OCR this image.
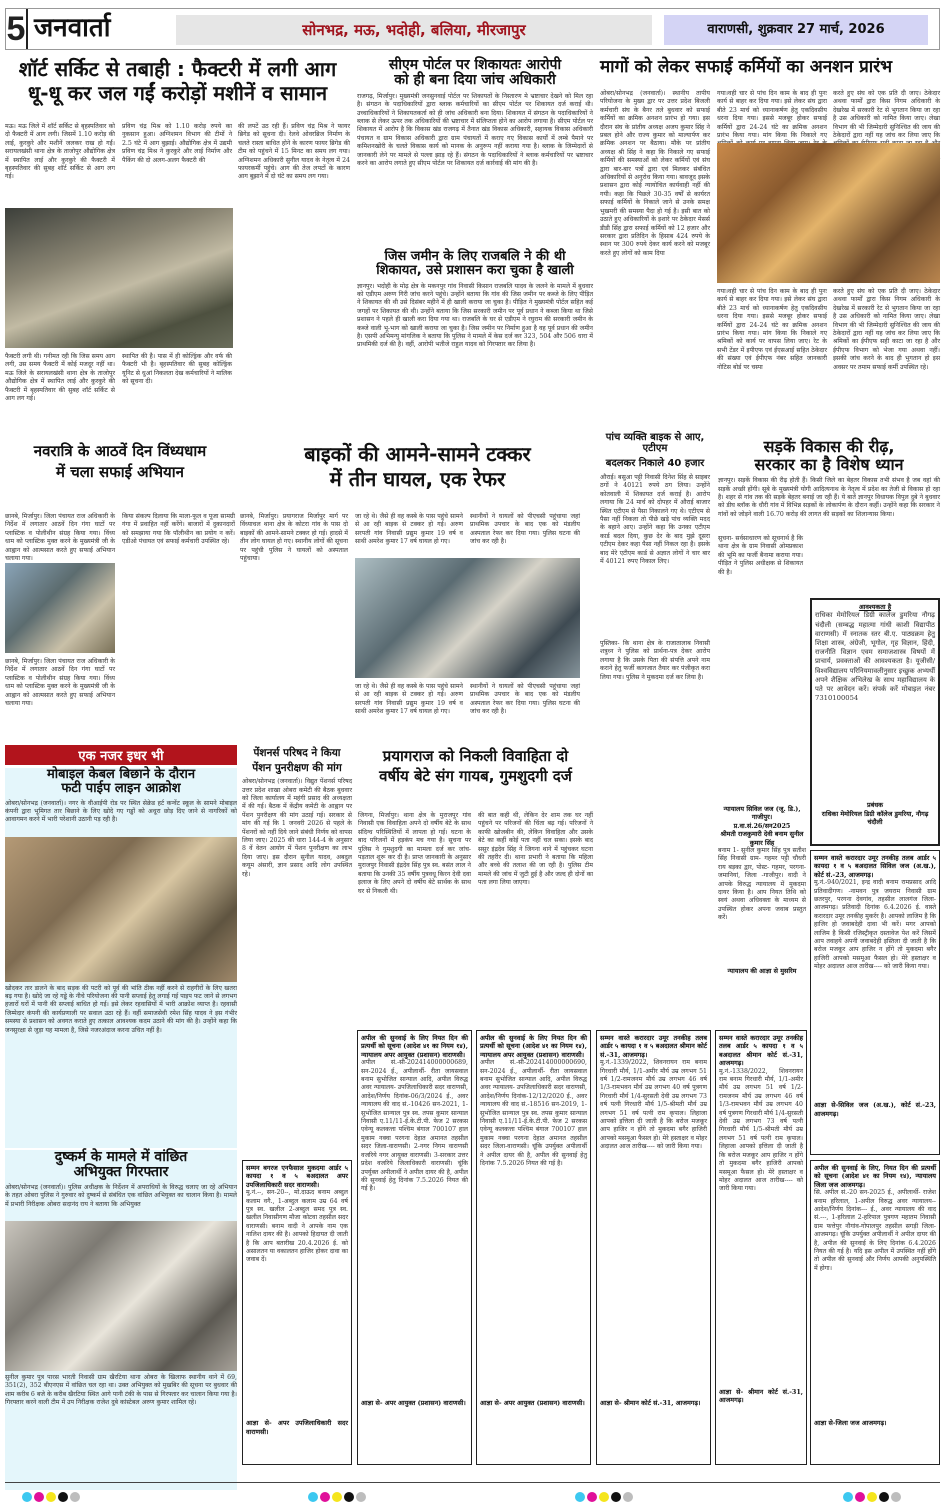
5 जनवार्ता	सोनभद्र, मऊ, भदोही, बलिया, मीरजापुर	वाराणसी, शुक्रवार 27 मार्च, 2026
शॉर्ट सर्किट से तबाही : फैक्टरी में लगी आग
धू-धू कर जल गईं करोड़ों मशीनें व सामान
मऊ। मऊ जिले में शॉर्ट सर्किट से बृहस्पतिवार को दो फैक्टरी में आग लगी। जिसमें 1.10 करोड़ की लाई, कुरकुरे और मशीनें जलकर राख हो गईं। सरायलखंसी थाना क्षेत्र के ताजोपुर औद्योगिक क्षेत्र में स्थापित लाई और कुरकुरे की फैक्टरी में बृहस्पतिवार की सुबह शॉर्ट सर्किट से आग लग गई।
प्रविण चंद्र मिश्र को 1.10 करोड़ रुपये का नुकसान हुआ। अग्निशमन विभाग की टीमों ने 2.5 घंटे में आग बुझाई। औद्योगिक क्षेत्र में उद्यमी प्रविण चंद्र मिश्र ने कुरकुरे और लाई निर्माण और पैकिंग की दो अलग-अलग फैक्टरी की
की लपटें उठ रही हैं। प्रविण चंद्र मिश्र ने फायर ब्रिगेड को सूचना दी। रेलवे ओवरब्रिज निर्माण के चलते रास्ता बाधित होने के कारण फायर ब्रिगेड की टीम को पहुंचने में 15 मिनट का समय लग गया। अग्निशमन अधिकारी सुनील यादव के नेतृत्व में 24 फायरकर्मी पहुंचे। आग की तेज लपटों के कारण आग बुझाने में दो घंटे का समय लग गया।
फैक्टरी लगी थी। गनीमत रही कि जिस समय आग लगी, उस समय फैक्टरी में कोई मजदूर नहीं था। मऊ जिले के सरायलखंसी थाना क्षेत्र के ताजोपुर औद्योगिक क्षेत्र में स्थापित लाई और कुरकुरे की फैक्टरी में बृहस्पतिवार की सुबह शॉर्ट सर्किट से आग लग गई।
स्थापित की है। पास में ही कोल्ड्रिंक और वर्फ की फैक्टरी भी है। बृहस्पतिवार की सुबह कोल्ड्रिंक यूनिट से धुआं निकलता देख कर्मचारियों ने मालिक को सूचना दी।
सीएम पोर्टल पर शिकायतः आरोपी
को ही बना दिया जांच अधिकारी
राजगढ़, मिर्जापुर। मुख्यमंत्री जनसुनवाई पोर्टल पर शिकायतों के निस्तारण मे भ्रष्टाचार देखने को मिल रहा है। संगठन के पदाधिकारियों द्वारा ब्लाक कर्मचारियों का सीएम पोर्टल पर शिकायत दर्ज कराई थी। उच्चाधिकारियों ने शिकायतकर्ता को ही जांच अधिकारी बना दिया। शिकायत में संगठन के पदाधिकारियों ने ब्लाक से लेकर ऊपर तक अधिकारियों की भ्रष्टाचार में संलिप्तता होने का आरोप लगाया है। सीएम पोर्टल पर शिकायत में आरोप है कि विकास खंड राजगढ़ में तैनात खंड विकास अधिकारी, सहायक विकास अधिकारी पंचायत व ग्राम विकास अधिकारी द्वारा ग्राम पंचायतों में कराए गए विकास कार्यों में लम्बे पैमाने पर कमिशनखोरी के चलते विकास कार्य को मानक के अनुरूप नहीं कराया गया है। ब्लाक के जिम्मेदारों से जानकारी लेने पर मामले से पल्ला झाड़ रहे हैं। संगठन के पदाधिकारियों ने ब्लाक कर्मचारियों पर भ्रष्टाचार करने का आरोप लगाते हुए सीएम पोर्टल पर शिकायत दर्ज कार्रवाई की मांग की है।
जिस जमीन के लिए राजबलि ने की थी
शिकायत, उसे प्रशासन करा चुका है खाली
ज्ञानपुर। भदोही के मोढ़ क्षेत्र के मकनपुर गांव निवासी किसान राजबलि यादव के जलने के मामले में बुधवार को एडीएम अरुण गिरी जांच करने पहुंचे। उन्होंने बताया कि गांव की जिस जमीन पर कब्जे के लिए पीड़ित ने शिकायत की थी उसे दिसंबर महीने में ही खाली कराया जा चुका है। पीड़ित ने मुख्यमंत्री पोर्टल सहित कई जगहों पर शिकायत की थी। उन्होंने बताया कि जिस सरकारी जमीन पर पूर्व प्रधान ने कब्जा किया था जिसे प्रशासन ने पहले ही खाली करा दिया गया था। राजबलि के घर से एडीएम ने रघुराम की सरकारी जमीन के कब्जे वाली भू-भाग को खाली कराया जा चुका है। जिस जमीन पर निर्माण हुआ है वह पूर्व प्रधान की जमीन है। एसपी अभिमन्यु मांगलिक ने बताया कि पुलिस ने मामले में केस दर्ज कर 323, 504 और 506 धारा में प्राथमिकी दर्ज की है। वहीं, आरोपी भतीजे राहुल यादव को गिरफ्तार कर लिया है।
मागों को लेकर सफाई कर्मियों का अनशन प्रारंभ
ओबरा/सोनभद्र (जनवार्ता)। स्थानीय तापीय परियोजना के मुख्य द्वार पर उत्तर प्रदेश बिजली कर्मचारी संघ के बैनर तले बुधवार को सफाई कर्मियों का क्रमिक अनशन प्रारंभ हो गया। इस दौरान संघ के प्रांतीय अध्यक्ष अजय कुमार सिंह ने प्रबल होने और राज्य कुमार को माल्यार्पण कर क्रमिक अनशन पर बैठाया। मौके पर प्रांतीय अध्यक्ष श्री सिंह ने कहा कि निकाले गए सफाई कर्मियों की समस्याओं को लेकर कर्मियों एवं संघ द्वारा बार-बार पत्रों द्वारा एवं मिलकर संबंधित अधिकारियों से अनुरोध किया गया। बावजूद इसके प्रशासन द्वारा कोई न्यायोचित कार्यवाही नहीं की गयी। कहा कि पिछले 30-35 वर्षों से कार्यरत सफाई कर्मियों के निकाले जाने से उनके समक्ष भुखमरी की समस्या पैदा हो गई है। इसी बात को उठाते हुए अधिकारियों के इशारे पर ठेकेदार मेसर्स डीडी सिंह द्वारा सफाई कर्मियों को 12 हजार और सरकार द्वारा प्रतिदिन के हिसाब 424 रुपये के स्थान पर 300 रुपये देकर कार्य करने को मजबूर करते हुए लोगों को काम दिया
गया।वही चार से पांच दिन काम के बाद ही पुनः कार्य से बाहर कर दिया गया। इसे लेकर संघ द्वारा बीते 23 मार्च को ध्यानाकर्षण हेतु एकदिवसीय धरना दिया गया। इससे मजबूर होकर सफाई कर्मियों द्वारा 24-24 घंटे का क्रमिक अनशन प्रारंभ किया गया। मांग किया कि निकाले गए
करते हुए संघ को एक प्रति दी जाए। ठेकेदार अथवा फार्मों द्वारा किस निगम अधिकारी के देखरेख में सरकारी रेट से भुगतान किया जा रहा है उस अधिकारी को नामित किया जाए। लेखा विभाग की भी जिम्मेदारी सुनिश्चित की जाय की ठेकेदारों द्वारा नहीं यह जांच कर लिया जाए कि
गया।वही चार से पांच दिन काम के बाद ही पुनः कार्य से बाहर कर दिया गया। इसे लेकर संघ द्वारा बीते 23 मार्च को ध्यानाकर्षण हेतु एकदिवसीय धरना दिया गया। इससे मजबूर होकर सफाई कर्मियों द्वारा 24-24 घंटे का क्रमिक अनशन प्रारंभ किया गया। मांग किया कि निकाले गए श्रमिकों को कार्य पर वापस लिया जाए। रेट के सभी टेंडर में इपीएफ एवं ईएसआई सहित ठेकेदार की संख्या एवं ईपीएफ नंबर सहित जानकारी नोटिस बोर्ड पर चस्पा
करते हुए संघ को एक प्रति दी जाए। ठेकेदार अथवा फार्मों द्वारा किस निगम अधिकारी के देखरेख में सरकारी रेट से भुगतान किया जा रहा है उस अधिकारी को नामित किया जाए। लेखा विभाग की भी जिम्मेदारी सुनिश्चित की जाय की ठेकेदारों द्वारा नहीं यह जांच कर लिया जाए कि श्रमिकों का ईपीएफ सही काटा जा रहा है और ईपीएफ विभाग को भेजा गया अथवा नहीं। इसकी जांच करने के बाद ही भुगतान हो इस अवसर पर तमाम सफाई कर्मी उपस्थित रहे।
नवरात्रि के आठवें दिन विंध्यधाम
में चला सफाई अभियान
छानबे, मिर्जापुर। जिला पंचायत राज अधिकारी के निर्देश में लगातार आठवें दिन गंगा घाटों पर प्लास्टिक व पोलीथीन संग्रह किया गया। विंध्य धाम को प्लास्टिक मुक्त करने के मुख्यमंत्री जी के आह्वान को आत्मसात करते हुए सफाई अभियान चलाया गया।
किया संकल्प दिलाया कि माला-फूल व पूजा सामग्री गंगा में प्रवाहित नहीं करेंगे। बाजारों में दुकानदारों को समझाया गया कि पॉलीथीन का प्रयोग न करें। एडीओ पंचायत एवं सफाई कर्मचारी उपस्थित रहे।
छानबे, मिर्जापुर। जिला पंचायत राज अधिकारी के निर्देश में लगातार आठवें दिन गंगा घाटों पर प्लास्टिक व पोलीथीन संग्रह किया गया। विंध्य धाम को प्लास्टिक मुक्त करने के मुख्यमंत्री जी के आह्वान को आत्मसात करते हुए सफाई अभियान चलाया गया।
बाइकों की आमने-सामने टक्कर
में तीन घायल, एक रेफर
छानबे, मिर्जापुर। प्रयागराज मिर्जापुर मार्ग पर विंध्याचल थाना क्षेत्र के कोटरा गांव के पास दो बाइकों की आमने-सामने टक्कर हो गई। हादसे में तीन लोग घायल हो गए। स्थानीय लोगों की सूचना पर पहुंची पुलिस ने घायलों को अस्पताल पहुंचाया।
जा रहे थे। जैसे ही वह कस्बे के पास पहुंचे सामने से आ रही बाइक से टक्कर हो गई। अरुण सरपती गांव निवासी प्रद्युम कुमार 19 वर्ष व साथी अमरेश कुमार 17 वर्ष घायल हो गए।
स्थानीयों ने घायलों को पीएचसी पहुंचाया जहां प्राथमिक उपचार के बाद एक को मंडलीय अस्पताल रेफर कर दिया गया। पुलिस घटना की जांच कर रही है।
जा रहे थे। जैसे ही वह कस्बे के पास पहुंचे सामने से आ रही बाइक से टक्कर हो गई। अरुण सरपती गांव निवासी प्रद्युम कुमार 19 वर्ष व साथी अमरेश कुमार 17 वर्ष घायल हो गए।
स्थानीयों ने घायलों को पीएचसी पहुंचाया जहां प्राथमिक उपचार के बाद एक को मंडलीय अस्पताल रेफर कर दिया गया। पुलिस घटना की जांच कर रही है।
पांच व्यक्ति बाइक से आए, एटीएम
बदलकर निकाले 40 हजार
औराई। बसुआ पट्टी निवासी दिनेश सिंह से साइबर ठगों ने 40121 रुपये ठग लिया। उन्होंने कोतवाली में शिकायत दर्ज कराई है। आरोप लगाया कि 24 मार्च को दोपहर में औराई बाजार स्थित एटीएम से पैसा निकालने गए थे। एटीएम से पैसा नहीं निकला तो पीछे खड़े पांच व्यक्ति मदद के बहाने आए। उन्होंने कहा कि उनका एटीएम कार्ड बदल दिया, कुछ देर के बाद मुझे दूसरा एटीएम देकर कहा पैसा नहीं निकल रहा है। इसके बाद मेरे एटीएम कार्ड से अज्ञात लोगों ने चार बार में 40121 रुपए निकाल लिए।
सड़कें विकास की रीढ़,
सरकार का है विशेष ध्यान
ज्ञानपुर। सड़कें विकास की रीढ़ होती हैं। किसी जिले का बेहतर विकास तभी संभव है जब वहां की सड़कें अच्छी होंगी। सूबे के मुख्यमंत्री योगी आदित्यनाथ के नेतृत्व में प्रदेश का तेजी से विकास हो रहा है। शहर से गांव तक की सड़कें बेहतर बनाई जा रही हैं। ये बातें ज्ञानपुर विधायक विपुल दुबे ने बुधवार को डीघ ब्लॉक के धौरी गांव में विभिन्न सड़कों के लोकार्पण के दौरान कहीं। उन्होंने कहा कि सरकार ने गांवों को जोड़ने वाली 16.70 करोड़ की लागत की सड़कों का शिलान्यास किया।
सुचना- सर्वसाधारण को सूचनार्थ है कि थाना क्षेत्र के ग्राम निवासी ओमप्रकाश की भूमि का फर्जी बैनामा कराया गया। पीड़ित ने पुलिस अधीक्षक से शिकायत की है।
पुस्तिका- कि थाना क्षेत्र के राजातालाब निवासी शत्रुध्न ने पुलिस को प्रार्थना-पत्र देकर आरोप लगाया है कि उसके पिता की संपत्ति अपने नाम कराने हेतु फर्जी कागजात तैयार कर पंजीकृत करा लिया गया। पुलिस ने मुकदमा दर्ज कर लिया है।
न्यायालय सिविल जज (जू. डि.), गाजीपुर।
प्र.वा.सं.26/सन2025
श्रीमती राजकुमारी देवी बनाम सुनील कुमार सिंह
बनाम 1- सुनील कुमार सिंह पुत्र सतीश सिंह निवासी ग्राम- गहमर पट्टी चौधरी राय बड़का द्वार, पोस्ट- गहमर, परगना- जमानियां, जिला -गाजीपुर। वादी ने आपके विरुद्ध न्यायालय में मुकदमा दायर किया है। आप नियत तिथि को स्वयं अथवा अधिवक्ता के माध्यम से उपस्थित होकर अपना जवाब प्रस्तुत करें।
न्यायालय की आज्ञा से मुसरिम
आवश्यकता है
राधिका मेमोरियल डिग्री कालेज डुमरिया नौगढ़ चंदौली (सम्बद्ध महात्मा गांधी काशी विद्यापीठ वाराणसी) में स्नातक स्तर बी.ए. पाठ्यक्रम हेतु शिक्षा शास्त्र, अंग्रेजी, भूगोल, गृह विज्ञान, हिंदी, राजनीति विज्ञान एवम समाजशास्त्र विषयों में प्राचार्य, प्रवक्ताओं की आवश्यकता है। यूजीसी/विश्वविद्यालय परिनियमावलीनुसार इच्छुक अभ्यर्थी अपने शैक्षिक अभिलेख के साथ महाविद्यालय के पते पर आवेदन करें। संपर्क करें मोबाइल नंबर 7310100054
प्रबंधक
राधिका मेमोरियल डिग्री कॉलेज डुमरिया, नौगढ़ चंदौली
सम्मन वास्ते करारदार उमूर तनकीह तलब आर्डर ५ कायदा १ व ५ बअदालत सिविल जज (अ.ख.), कोर्ट सं.-23, आजमगढ़।
मु.नं.-940/2021, इन्द्र वादी बनाम रामप्रसाद आदि प्रतिवादीगण। -नामवन पुत्र जयराम निवासी ग्राम छतरपुर, परगना देवगांव, तहसील लालगंज जिला-आजमगढ़। प्रतिवादी दिनांक 6.4.2026 ई. वास्ते करारदार उमूर तनकीह मुकर्रर है। आपको लाजिम है कि हाजिर हो जवाबदेही दावा भी करें। मगर आपको लाजिम है किसी रजिस्ट्रीकृत दस्तावेज पेश करें जिसमें आप तवाहये अपनी जवाबदेही इस्तिला दी जाती है कि बरोज मजकूर आप हाजिर न होंगे तो मुकदमा बगैर हाजिरी आपको मसमूआ फैसल हो। मेरे हस्ताक्षर व मोहर अदालत आज तारीख---- को जारी किया गया।
आज्ञा से-सिविल जज (अ.ख.), कोर्ट सं.-23, आजमगढ़।
एक नजर इधर भी
मोबाइल केबल बिछाने के दौरान
फटी पाईप लाइन आक्रोश
ओबरा/सोनभद्र (जनवार्ता)। नगर के वीआईपी रोड पर स्थित सेक्रेड हर्ट कन्वेंट स्कूल के सामने मोबाइल कंपनी द्वारा भूमिगत तार बिछाने के लिए खोदे गए गड्ढों को अधूरा छोड़ दिए जाने से नागरिकों को आवागमन करने में भारी परेशानी उठानी पड़ रही है।
खोदकर तार डालने के बाद सड़क की पटरी को पूर्व की भांति ठीक नहीं करने से राहगीरों के लिए खतरा बढ़ गया है। खोदे जा रहे गड्ढे के नीचे परियोजना की पानी सप्लाई हेतु लगाई गई पाइप फट जाने से लगभग हजारों घरों में पानी की सप्लाई बाधित हो गई। इसे लेकर रहवासियों में भारी आक्रोश व्याप्त है। रहवासी जिम्मेदार कंपनी की कार्यप्रणाली पर सवाल उठा रहे हैं। वहीं समाजसेवी रमेश सिंह यादव ने इस गंभीर समस्या से प्रशासन को अवगत कराते हुए तत्काल आवश्यक कदम उठाने की मांग की है। उन्होंने कहा कि जनसुरक्षा से जुड़ा यह मामला है, जिसे नजरअंदाज करना उचित नहीं है।
दुष्कर्म के मामले में वांछित
अभियुक्त गिरफ्तार
ओबरा/सोनभद्र (जनवार्ता)। पुलिस अधीक्षक के निर्देशन में अपराधियों के विरुद्ध चलाए जा रहे अभियान के तहत ओबरा पुलिस ने गुरुवार को दुष्कर्म से संबंधित एक वांछित अभियुक्त का चालान किया है। मामले में प्रभारी निरीक्षक ओबरा सदानंद राय ने बताया कि अभियुक्त
सुनील कुमार पुत्र पारस भारती निवासी ग्राम खैरटिया थाना ओबरा के खिलाफ स्थानीय थाने में 69, 351(2), 352 बीएनएस में वांछित चल रहा था। उक्त अभियुक्त को मुखबिर की सूचना पर बुधवार की शाम करीब 6 बजे के करीब खैरटिया स्थित आगे पानी टंकी के पास से गिरफ्तार कर चालान किया गया है। गिरफ्तार करने वाली टीम में उप निरीक्षक राजेश दुबे कांस्टेबल अरुण कुमार शामिल रहे।
पेंशनर्स परिषद ने किया
पेंशन पुनरीक्षण की मांग
ओबरा/सोनभद्र (जनवार्ता)। विद्युत पेंशनर्स परिषद उत्तर प्रदेश शाखा ओबरा कमेटी की बैठक बुधवार को जिला कार्यालय में महंगी प्रसाद की अध्यक्षता में की गई। बैठक में केंद्रीय कमेटी के आह्वान पर पेंशन पुनरीक्षण की मांग उठाई गई। सरकार से मांग की गई कि 1 जनवरी 2026 से पहले के पेंशनरों को नहीं दिये जाने संबंधी निर्णय को वापस लिया जाए। 2025 की धारा 144-4 के अनुसार 8 वें वेतन आयोग में पेंशन पुनरीक्षण का लाभ दिया जाए। इस दौरान सुनील यादव, अबदुल कयूम अंसारी, ज्ञान प्रसाद आदि लोग उपस्थित रहे।
प्रयागराज को निकली विवाहिता दो
वर्षीय बेटे संग गायब, गुमशुदगी दर्ज
जिगना, मिर्जापुर। थाना क्षेत्र के मुराजपुर गांव निवासी एक विवाहिता अपने दो वर्षीय बेटे के साथ संदिग्ध परिस्थितियों में लापता हो गई। घटना के बाद परिजनों में हड़कंप मच गया है। सूचना पर पुलिस ने गुमशुदगी का मामला दर्ज कर जांच-पड़ताल शुरू कर दी है। प्राप्त जानकारी के अनुसार मुराजपुर निवासी इंद्रदेव सिंह पुत्र स्व. बसंत लाल ने बताया कि उनकी 35 वर्षीय पुत्रवधू किरन देवी दवा इलाज के लिए अपने दो वर्षीय बेटे सार्थक के साथ घर से निकली थी।
की बात कही थी, लेकिन देर शाम तक घर नहीं पहुंचने पर परिजनों की चिंता बढ़ गई। परिजनों ने काफी खोजबीन की, लेकिन विवाहिता और उसके बेटे का कहीं कोई पता नहीं चल सका। इसके बाद ससुर इंद्रदेव सिंह ने जिगना थाने में पहुंचकर घटना की तहरीर दी। थाना प्रभारी ने बताया कि महिला और बच्चे की तलाश की जा रही है। पुलिस टीम मामले की जांच में जुटी हुई है और जल्द ही दोनों का पता लगा लिया जाएगा।
सम्मन बगरज एनफैसाल मुकदमा आर्डर ५ कायदा १ व ५ बअदालत अपर उपजिलाधिकारी सदर वाराणसी।
मु.नं.--, सन-20--, मो.दाऊद बनाम अब्दुल कलाम वगै., 1-अब्दुल कलाम उम्र 64 वर्ष पुत्र स्व. खलील 2-अब्दुल समद पुत्र स्व. खलील निवासीगण मौजा कोटवा तहसील सदर वाराणसी। बनाम वादी ने आपके नाम एक नालिश दायर की है। आपको हिदायत दी जाती है कि आप बतारीख 20.4.2026 ई. को असालतन या वकालतन हाजिर होकर दावा का जवाब दें।
आज्ञा से- अपर उपजिलाधिकारी सदर वाराणसी।
अपील की सुनवाई के लिए नियत दिन की प्रत्यर्थी को सूचना (आदेश ४१ का नियम १४), न्यायालय अपर आयुक्त (प्रशासन) वाराणसी।
अपील सं.-सी-202414000000689, सन-2024 ई., अपीलार्थी- रीता जायसवाल बनाम सुभोजित सान्याल आदि, अपील विरुद्ध अवर न्यायालय- उपजिलाधिकारी सदर वाराणसी, आदेश/निर्णय दिनांक-06/3/2024 ई., अवर न्यायालय की वाद सं.-10426 सन-2021, 1-सुभोजित सान्याल पुत्र स्व. तपस कुमार सान्याल निवासी ए.11/11-ई.के.टी.पी. फेज 2 सरकस एवेन्यू कलकत्ता पश्चिम बंगाल 700107 हाल मुकाम नक्वा परगना देहात अमानत तहसील सदर जिला-वाराणसी। 2-नगर निगम वाराणसी वजरिये नगर आयुक्त वाराणसी। 3-सरकार उत्तर प्रदेश वजरिये जिलाधिकारी वाराणसी। चूंकि उपर्युक्त अपीलार्थी ने अपील दायर की है, अपील की सुनवाई हेतु दिनांक 7.5.2026 नियत की गई है।
आज्ञा से- अपर आयुक्त (प्रशासन) वाराणसी।
अपील की सुनवाई के लिए नियत दिन की प्रत्यर्थी को सूचना (आदेश ४१ का नियम १४), न्यायालय अपर आयुक्त (प्रशासन) वाराणसी।
अपील सं.-सी-202414000000690, सन-2024 ई., अपीलार्थी- रीता जायसवाल बनाम सुभोजित सान्याल आदि, अपील विरुद्ध अवर न्यायालय- उपजिलाधिकारी सदर वाराणसी, आदेश/निर्णय दिनांक-12/12/2020 ई., अवर न्यायालय की वाद सं.-18516 सन-2019, 1-सुभोजित सान्याल पुत्र स्व. तपस कुमार सान्याल निवासी ए.11/11-ई.के.टी.पी. फेज 2 सरकस एवेन्यू कलकत्ता पश्चिम बंगाल 700107 हाल मुकाम नक्वा परगना देहात अमानत तहसील सदर जिला-वाराणसी। चूंकि उपर्युक्त अपीलार्थी ने अपील दायर की है, अपील की सुनवाई हेतु दिनांक 7.5.2026 नियत की गई है।
आज्ञा से- अपर आयुक्त (प्रशासन) वाराणसी।
सम्मन वास्ते करारदार उमूर तनकीह तलब आर्डर ५ कायदा १ व ५ बअदालत श्रीमान कोर्ट सं.-31, आजमगढ़।
मु.नं.-1339/2022, शिवनरायन राम बनाम गिरधारी मौर्य, 1/1-अमीर मौर्य उम्र लगभग 51 वर्ष 1/2-रामजनम मौर्य उम्र लगभग 46 वर्ष 1/3-रामभवन मौर्य उम्र लगभग 40 वर्ष पुत्रगण गिरधारी मौर्य 1/4-सुरसती देवी उम्र लगभग 73 वर्ष पत्नी गिरधारी मौर्य 1/5-श्रीमती मौर्य उम्र लगभग 51 वर्ष पत्नी राम कृपाल। लिहाजा आपको इत्तिला दी जाती है कि बरोज मजकूर आप हाजिर न होंगे तो मुकदमा बगैर हाजिरी आपको मसमूआ फैसल हो। मेरे हस्ताक्षर व मोहर अदालत आज तारीख---- को जारी किया गया।
आज्ञा से- श्रीमान कोर्ट सं.-31, आजमगढ़।
सम्मन वास्ते करारदार उमूर तनकीह तलब आर्डर ५ कायदा १ व ५ बअदालत श्रीमान कोर्ट सं.-31, आजमगढ़।
मु.नं.-1338/2022, शिवनरायन राम बनाम गिरधारी मौर्य, 1/1-अमीर मौर्य उम्र लगभग 51 वर्ष 1/2-रामजनम मौर्य उम्र लगभग 46 वर्ष 1/3-रामभवन मौर्य उम्र लगभग 40 वर्ष पुत्रगण गिरधारी मौर्य 1/4-सुरसती देवी उम्र लगभग 73 वर्ष पत्नी गिरधारी मौर्य 1/5-श्रीमती मौर्य उम्र लगभग 51 वर्ष पत्नी राम कृपाल। लिहाजा आपको इत्तिला दी जाती है कि बरोज मजकूर आप हाजिर न होंगे तो मुकदमा बगैर हाजिरी आपको मसमूआ फैसल हो। मेरे हस्ताक्षर व मोहर अदालत आज तारीख---- को जारी किया गया।
आज्ञा से- श्रीमान कोर्ट सं.-31, आजमगढ़।
अपील की सुनवाई के लिए, नियत दिन की प्रत्यर्थी को सूचना (आदेश ४१ का नियम १४), न्यायालय जिला जज आजमगढ़।
सि. अपील सं.-20 सन-2025 ई., अपीलार्थी- राजेश बनाम हरिलाल, 1-अपील विरुद्ध अवर न्यायालय-- आदेश/निर्णय दिनांक--- ई., अवर न्यायालय की वाद सं.---, 1-हरिलाल 2-हरिपाल पुत्रगण महातम निवासी ग्राम फत्तेपुर नौगांव-गोपालपुर तहसील सगड़ी जिला-आजमगढ़। चूंकि उपर्युक्त अपीलार्थी ने अपील दायर की है, अपील की सुनवाई के लिए दिनांक 6.4.2026 नियत की गई है। यदि इस अपील में उपस्थित नहीं होंगे तो अपील की सुनवाई और निर्णय आपकी अनुपस्थिति में होगा।
आज्ञा से-जिला जज आजमगढ़।
